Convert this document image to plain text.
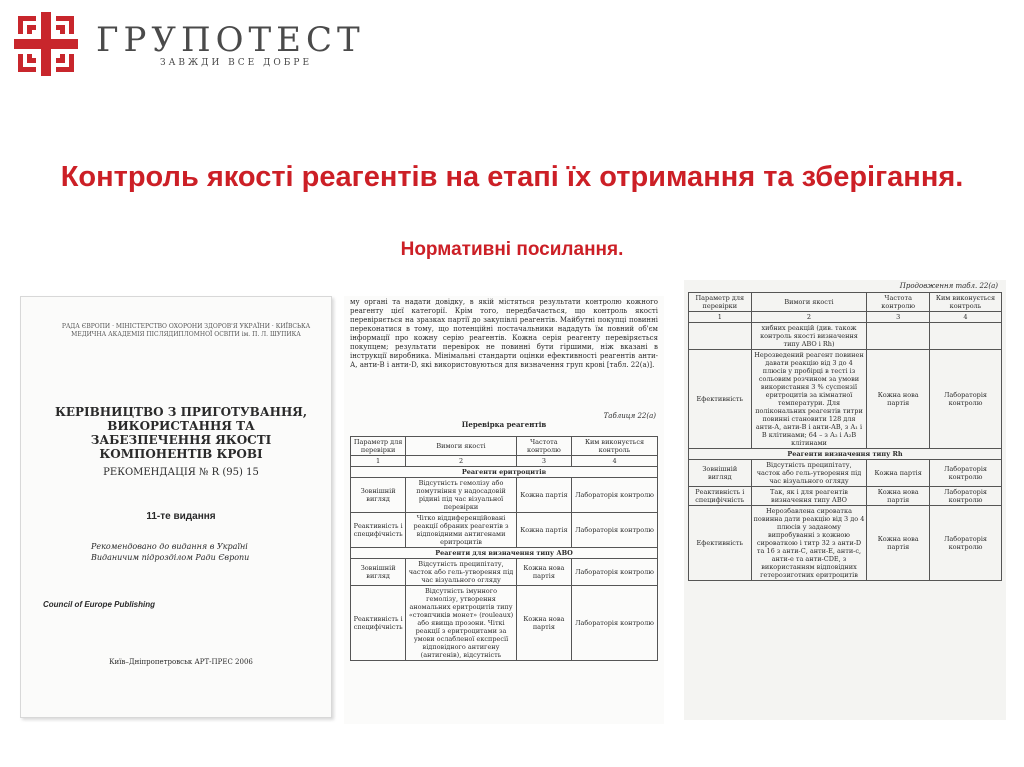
ГРУПОТЕСТ
ЗАВЖДИ ВСЕ ДОБРЕ
Контроль якості реагентів на етапі їх отримання та зберігання.
Нормативні посилання.
РАДА ЄВРОПИ · МІНІСТЕРСТВО ОХОРОНИ ЗДОРОВ'Я УКРАЇНИ · КИЇВСЬКА МЕДИЧНА АКАДЕМІЯ ПІСЛЯДИПЛОМНОЇ ОСВІТИ ім. П. Л. ШУПИКА
КЕРІВНИЦТВО З ПРИГОТУВАННЯ, ВИКОРИСТАННЯ ТА ЗАБЕЗПЕЧЕННЯ ЯКОСТІ КОМПОНЕНТІВ КРОВІ
РЕКОМЕНДАЦІЯ № R (95) 15
11-те видання
Рекомендовано до видання в Україні Виданичим підрозділом Ради Європи
Council of Europe Publishing
Київ–Дніпропетровськ АРТ-ПРЕС 2006

му органі та надати довідку, в якій містяться результати контролю кожного реагенту цієї категорії. Крім того, передбачається, що контроль якості перевіряється на зразках партії до закупівлі реагентів. Майбутні покупці повинні переконатися в тому, що потенційні постачальники нададуть їм повний об'єм інформації про кожну серію реагентів. Кожна серія реагенту перевіряється покупцем; результати перевірок не повинні бути гіршими, ніж вказані в інструкції виробника. Мінімальні стандарти оцінки ефективності реагентів анти-А, анти-В і анти-D, які використовуються для визначення груп крові [табл. 22(а)].

Таблиця 22(а)
Перевірка реагентів
Параметр для перевірки	Вимоги якості	Частота контролю	Ким виконується контроль
1	2	3	4
Реагенти еритроцитів			
Зовнішній вигляд	Відсутність гемолізу або помутніння у надосадовій рідині під час візуальної перевірки	Кожна партія	Лабораторія контролю
Реактивність і специфічність	Чітко віддиференційовані реакції обраних реагентів з відповідними антигенами еритроцитів	Кожна партія	Лабораторія контролю
Реагенти для визначення типу АВО			
Зовнішній вигляд	Відсутність преципітату, часток або гель-утворення під час візуального огляду	Кожна нова партія	Лабораторія контролю
Реактивність і специфічність	Відсутність імунного гемолізу, утворення аномальних еритроцитів типу «стовпчиків монет» (rouleaux) або явища прозони. Чіткі реакції з еритроцитами за умови ослабленої експресії відповідного антигену (антигенів), відсутність	Кожна нова партія	Лабораторія контролю
Продовження табл. 22(а)
Параметр для перевірки	Вимоги якості	Частота контролю	Ким виконується контроль
1	2	3	4
	хибних реакцій (див. також контроль якості визначення типу АВО і Rh)		
Ефективність	Нерозведений реагент повинен давати реакцію від 3 до 4 плюсів у пробірці в тесті із сольовим розчином за умови використання 3 % суспензії еритроцитів за кімнатної температури. Для полікональних реагентів титри повинні становити 128 для анти-А, анти-В і анти-АВ, з А₁ і В клітинами; 64 – з А₂ і А₂В клітинами	Кожна нова партія	Лабораторія контролю
Реагенти визначення типу Rh			
Зовнішній вигляд	Відсутність преципітату, часток або гель-утворення під час візуального огляду	Кожна партія	Лабораторія контролю
Реактивність і специфічність	Так, як і для реагентів визначення типу АВО	Кожна нова партія	Лабораторія контролю
Ефективність	Нерозбавлена сироватка повинна дати реакцію від 3 до 4 плюсів у заданому випробуванні з кожною сироваткою і титр 32 з анти-D та 16 з анти-С, анти-Е, анти-с, анти-е та анти-CDE, з використанням відповідних гетерозиготних еритроцитів	Кожна нова партія	Лабораторія контролю
